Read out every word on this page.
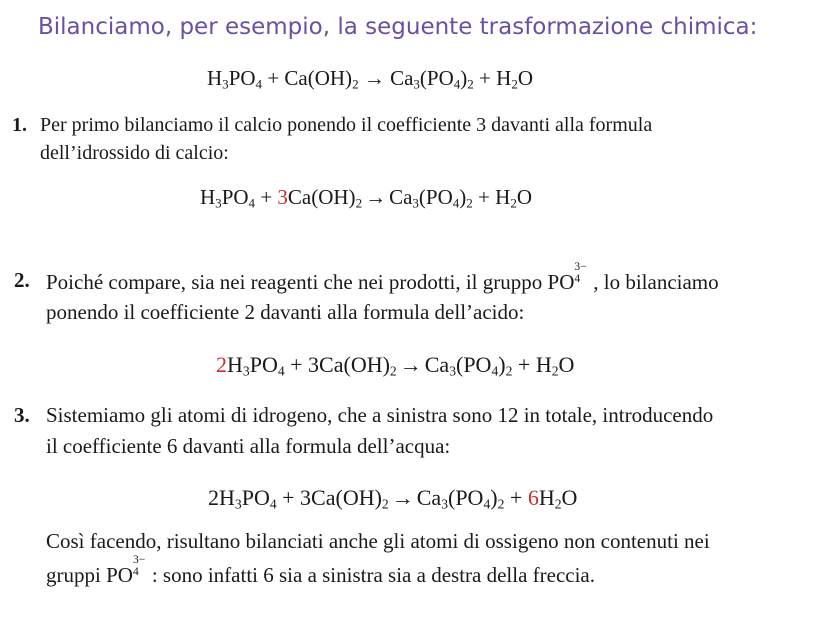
Bilanciamo, per esempio, la seguente trasformazione chimica:
$H_3PO_4 + Ca(OH)_2 \to Ca_3(PO_4)_2 + H_2O$
1. Per primo bilanciamo il calcio ponendo il coefficiente 3 davanti alla formula
dell’idrossido di calcio:
$H_3PO_4 + 3Ca(OH)_2 \to Ca_3(PO_4)_2 + H_2O$
2. Poiché compare, sia nei reagenti che nei prodotti, il gruppo PO
3−
4 , lo bilanciamo
ponendo il coefficiente 2 davanti alla formula dell’acido:
$2H_3PO_4 + 3Ca(OH)_2 \to Ca_3(PO_4)_2 + H_2O$
3. Sistemiamo gli atomi di idrogeno, che a sinistra sono 12 in totale, introducendo
il coefficiente 6 davanti alla formula dell’acqua:
$2H_3PO_4 + 3Ca(OH)_2 \to Ca_3(PO_4)_2 + 6H_2O$
Così facendo, risultano bilanciati anche gli atomi di ossigeno non contenuti nei
gruppi PO
3−
4 : sono infatti 6 sia a sinistra sia a destra della freccia.
